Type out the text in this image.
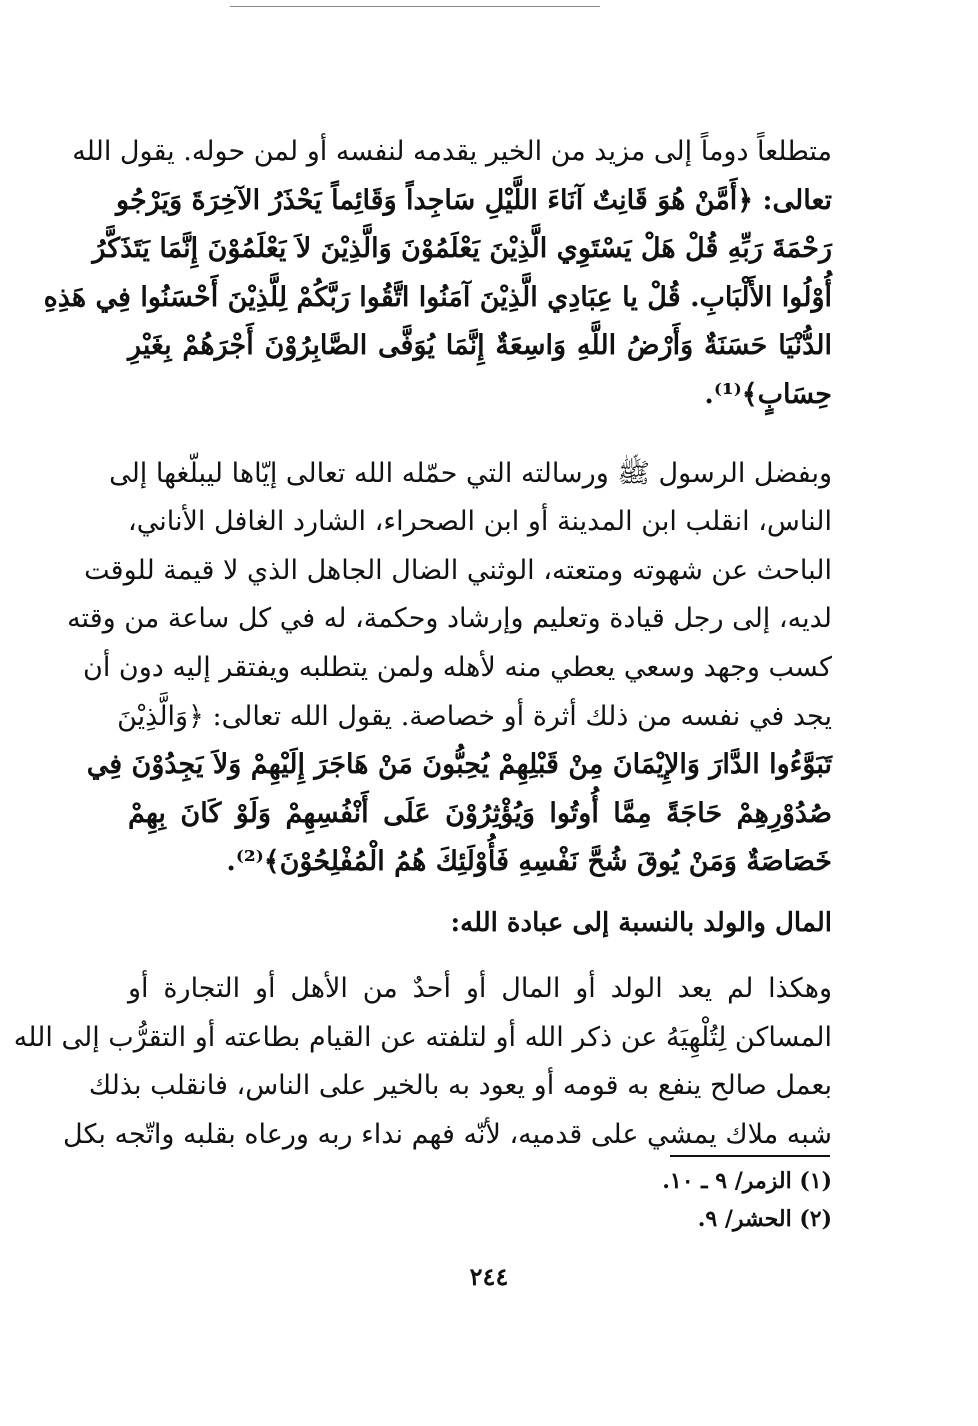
متطلعاً دوماً إلى مزيد من الخير يقدمه لنفسه أو لمن حوله. يقول الله
تعالى: ﴿أَمَّنْ هُوَ قَانِتٌ آنَاءَ اللَّيْلِ سَاجِداً وَقَائِماً يَحْذَرُ الآخِرَةَ وَيَرْجُو
رَحْمَةَ رَبِّهِ قُلْ هَلْ يَسْتَوِي الَّذِيْنَ يَعْلَمُوْنَ وَالَّذِيْنَ لاَ يَعْلَمُوْنَ إِنَّمَا يَتَذَكَّرُ
أُوْلُوا الأَلْبَابِ. قُلْ يا عِبَادِي الَّذِيْنَ آمَنُوا اتَّقُوا رَبَّكُمْ لِلَّذِيْنَ أَحْسَنُوا فِي هَذِهِ
الدُّنْيَا حَسَنَةٌ وَأَرْضُ اللَّهِ وَاسِعَةٌ إِنَّمَا يُوَفَّى الصَّابِرُوْنَ أَجْرَهُمْ بِغَيْرِ
حِسَابٍ﴾⁽¹⁾.

وبفضل الرسول ﷺ ورسالته التي حمّله الله تعالى إيّاها ليبلّغها إلى
الناس، انقلب ابن المدينة أو ابن الصحراء، الشارد الغافل الأناني،
الباحث عن شهوته ومتعته، الوثني الضال الجاهل الذي لا قيمة للوقت
لديه، إلى رجل قيادة وتعليم وإرشاد وحكمة، له في كل ساعة من وقته
كسب وجهد وسعي يعطي منه لأهله ولمن يتطلبه ويفتقر إليه دون أن
يجد في نفسه من ذلك أثرة أو خصاصة. يقول الله تعالى: ﴿وَالَّذِيْنَ
تَبَوَّءُوا الدَّارَ وَالإِيْمَانَ مِنْ قَبْلِهِمْ يُحِبُّونَ مَنْ هَاجَرَ إِلَيْهِمْ وَلاَ يَجِدُوْنَ فِي
صُدُوْرِهِمْ حَاجَةً مِمَّا أُوتُوا وَيُؤْثِرُوْنَ عَلَى أَنْفُسِهِمْ وَلَوْ كَانَ بِهِمْ
خَصَاصَةٌ وَمَنْ يُوقَ شُحَّ نَفْسِهِ فَأُوْلَئِكَ هُمُ الْمُفْلِحُوْنَ﴾⁽²⁾.

المال والولد بالنسبة إلى عبادة الله:

وهكذا لم يعد الولد أو المال أو أحدٌ من الأهل أو التجارة أو
المساكن لِتُلْهِيَهُ عن ذكر الله أو لتلفته عن القيام بطاعته أو التقرُّب إلى الله
بعمل صالح ينفع به قومه أو يعود به بالخير على الناس، فانقلب بذلك
شبه ملاك يمشي على قدميه، لأنّه فهم نداء ربه ورعاه بقلبه واتّجه بكل

(١) الزمر/ ٩ ـ ١٠.
(٢) الحشر/ ٩.
٢٤٤
